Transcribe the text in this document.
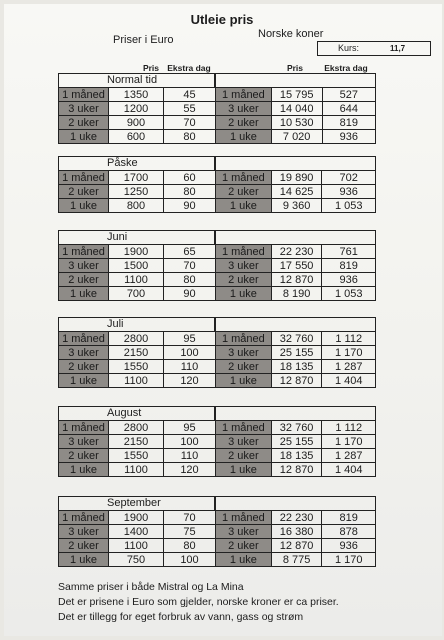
Utleie pris
Priser i Euro	Norske koner
Kurs:	11,7
Pris Ekstra dag	Pris	Ekstra dag
Normal tid
1 måned	1350	45
3 uker	1200	55
2 uker	900	70
1 uke	600	80
1 måned	15 795	527
3 uker	14 040	644
2 uker	10 530	819
1 uke	7 020	936
Påske
1 måned	1700	60
2 uker	1250	80
1 uke	800	90
1 måned	19 890	702
2 uker	14 625	936
1 uke	9 360	1 053
Juni
1 måned	1900	65
3 uker	1500	70
2 uker	1100	80
1 uke	700	90
1 måned	22 230	761
3 uker	17 550	819
2 uker	12 870	936
1 uke	8 190	1 053
Juli
1 måned	2800	95
3 uker	2150	100
2 uker	1550	110
1 uke	1100	120
1 måned	32 760	1 112
3 uker	25 155	1 170
2 uker	18 135	1 287
1 uke	12 870	1 404
August
1 måned	2800	95
3 uker	2150	100
2 uker	1550	110
1 uke	1100	120
1 måned	32 760	1 112
3 uker	25 155	1 170
2 uker	18 135	1 287
1 uke	12 870	1 404
September
1 måned	1900	70
3 uker	1400	75
2 uker	1100	80
1 uke	750	100
1 måned	22 230	819
3 uker	16 380	878
2 uker	12 870	936
1 uke	8 775	1 170
Samme priser i både Mistral og La Mina
Det er prisene i Euro som gjelder, norske kroner er ca priser.
Det er tillegg for eget forbruk av vann, gass og strøm
